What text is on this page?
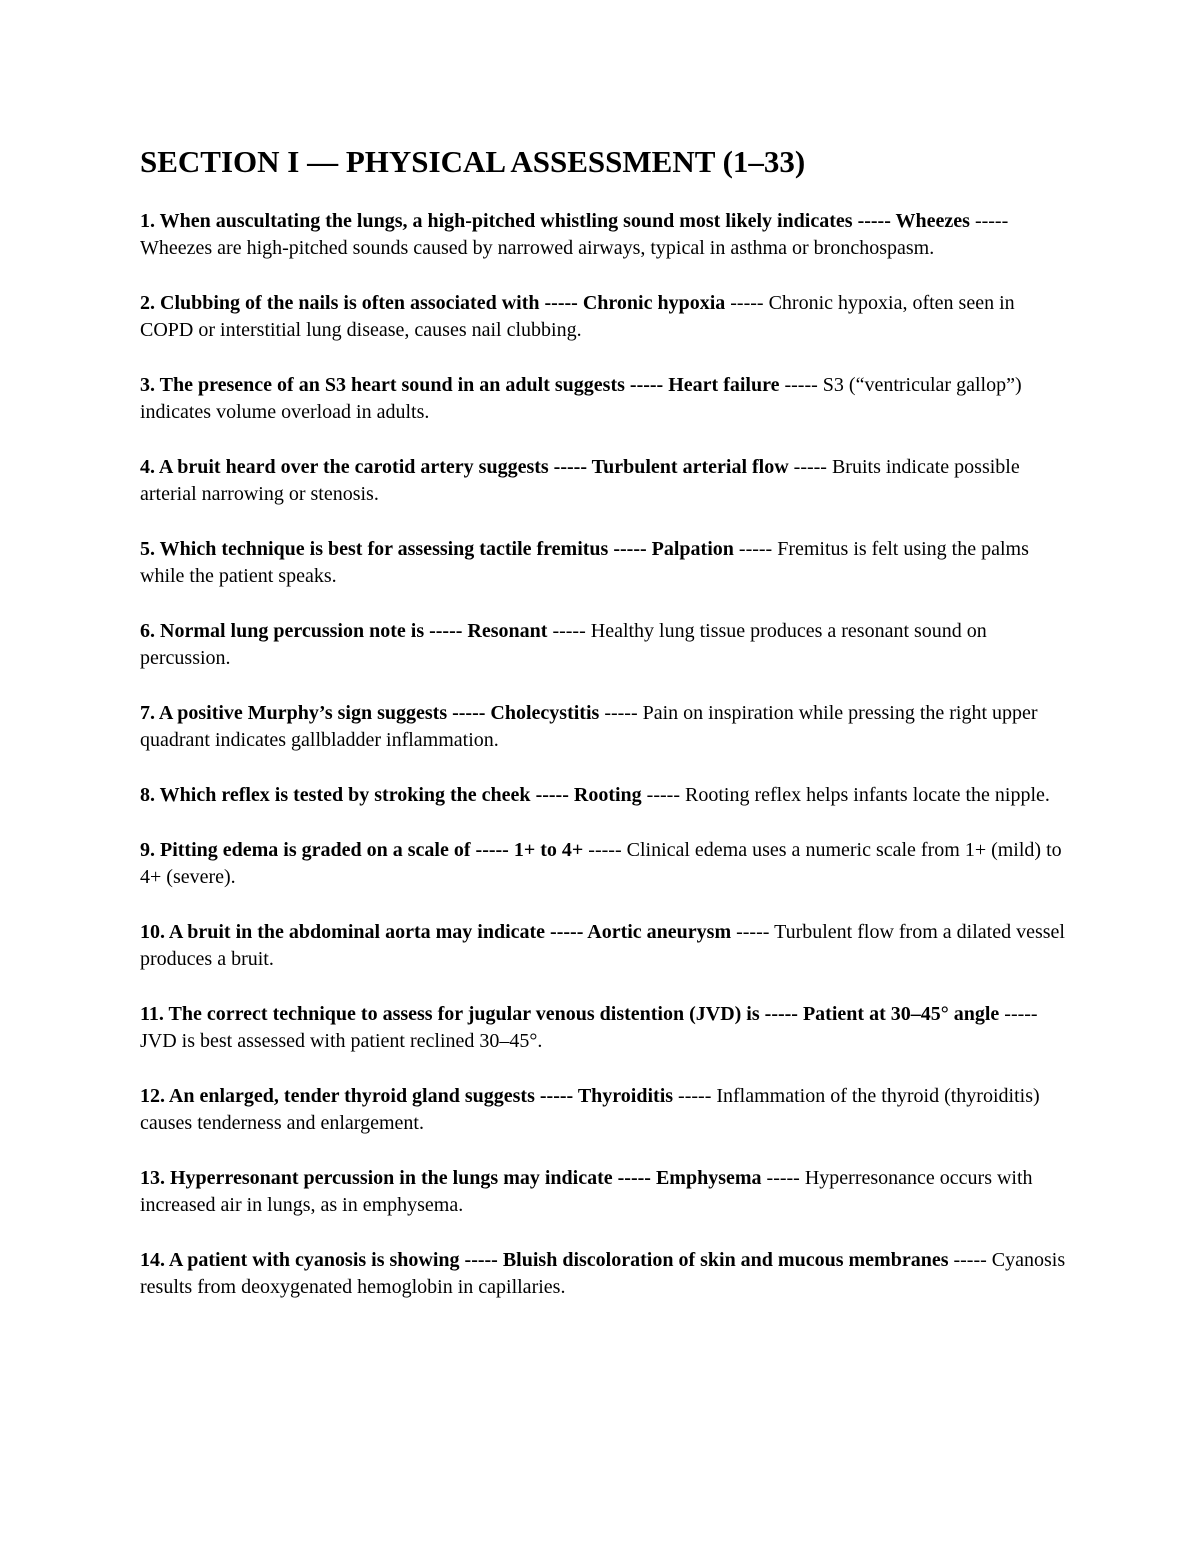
SECTION I — PHYSICAL ASSESSMENT (1–33)

1. When auscultating the lungs, a high-pitched whistling sound most likely indicates ----- Wheezes ----- Wheezes are high-pitched sounds caused by narrowed airways, typical in asthma or bronchospasm.

2. Clubbing of the nails is often associated with ----- Chronic hypoxia ----- Chronic hypoxia, often seen in COPD or interstitial lung disease, causes nail clubbing.

3. The presence of an S3 heart sound in an adult suggests ----- Heart failure ----- S3 (“ventricular gallop”) indicates volume overload in adults.

4. A bruit heard over the carotid artery suggests ----- Turbulent arterial flow ----- Bruits indicate possible arterial narrowing or stenosis.

5. Which technique is best for assessing tactile fremitus ----- Palpation ----- Fremitus is felt using the palms while the patient speaks.

6. Normal lung percussion note is ----- Resonant ----- Healthy lung tissue produces a resonant sound on percussion.

7. A positive Murphy’s sign suggests ----- Cholecystitis ----- Pain on inspiration while pressing the right upper quadrant indicates gallbladder inflammation.

8. Which reflex is tested by stroking the cheek ----- Rooting ----- Rooting reflex helps infants locate the nipple.

9. Pitting edema is graded on a scale of ----- 1+ to 4+ ----- Clinical edema uses a numeric scale from 1+ (mild) to 4+ (severe).

10. A bruit in the abdominal aorta may indicate ----- Aortic aneurysm ----- Turbulent flow from a dilated vessel produces a bruit.

11. The correct technique to assess for jugular venous distention (JVD) is ----- Patient at 30–45° angle ----- JVD is best assessed with patient reclined 30–45°.

12. An enlarged, tender thyroid gland suggests ----- Thyroiditis ----- Inflammation of the thyroid (thyroiditis) causes tenderness and enlargement.

13. Hyperresonant percussion in the lungs may indicate ----- Emphysema ----- Hyperresonance occurs with increased air in lungs, as in emphysema.

14. A patient with cyanosis is showing ----- Bluish discoloration of skin and mucous membranes ----- Cyanosis results from deoxygenated hemoglobin in capillaries.
